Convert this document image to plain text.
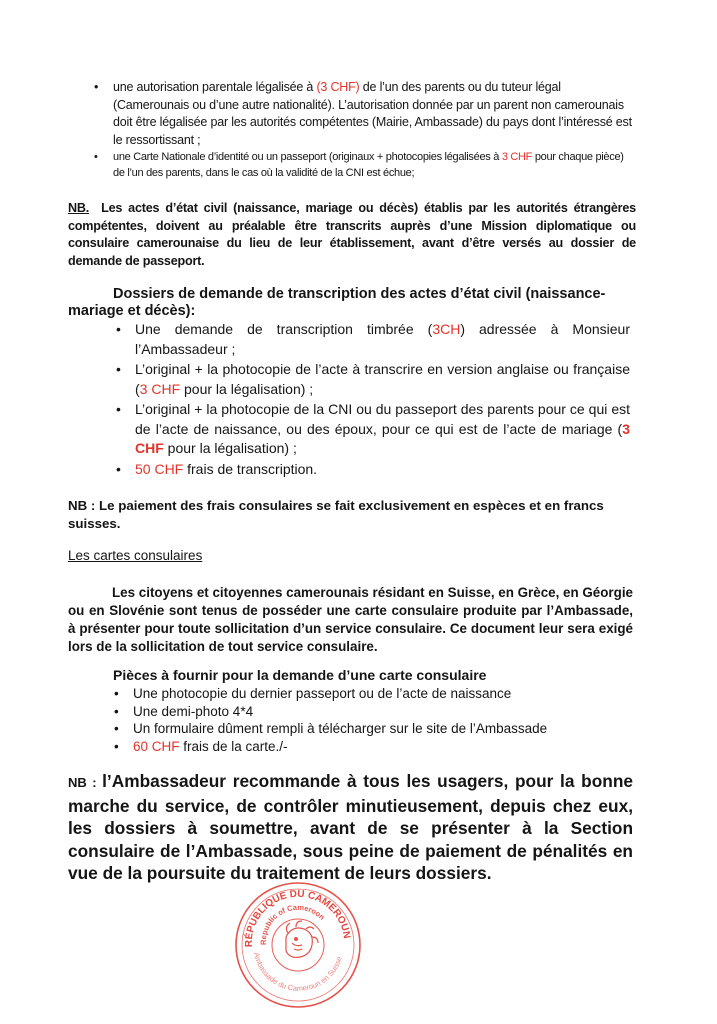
• une autorisation parentale légalisée à (3 CHF) de l’un des parents ou du tuteur légal (Camerounais ou d’une autre nationalité). L’autorisation donnée par un parent non camerounais doit être légalisée par les autorités compétentes (Mairie, Ambassade) du pays dont l’intéressé est le ressortissant ;
• une Carte Nationale d’identité ou un passeport (originaux + photocopies légalisées à 3 CHF pour chaque pièce) de l’un des parents, dans le cas où la validité de la CNI est échue;
NB. Les actes d’état civil (naissance, mariage ou décès) établis par les autorités étrangères compétentes, doivent au préalable être transcrits auprès d’une Mission diplomatique ou consulaire camerounaise du lieu de leur établissement, avant d’être versés au dossier de demande de passeport.
Dossiers de demande de transcription des actes d’état civil (naissance-
mariage et décès):
• Une demande de transcription timbrée (3CH) adressée à Monsieur l’Ambassadeur ;
• L’original + la photocopie de l’acte à transcrire en version anglaise ou française (3 CHF pour la légalisation) ;
• L’original + la photocopie de la CNI ou du passeport des parents pour ce qui est de l’acte de naissance, ou des époux, pour ce qui est de l’acte de mariage (3 CHF pour la légalisation) ;
• 50 CHF frais de transcription.
NB : Le paiement des frais consulaires se fait exclusivement en espèces et en francs suisses.
Les cartes consulaires
Les citoyens et citoyennes camerounais résidant en Suisse, en Grèce, en Géorgie ou en Slovénie sont tenus de posséder une carte consulaire produite par l’Ambassade, à présenter pour toute sollicitation d’un service consulaire. Ce document leur sera exigé lors de la sollicitation de tout service consulaire.
Pièces à fournir pour la demande d’une carte consulaire
• Une photocopie du dernier passeport ou de l’acte de naissance
• Une demi-photo 4*4
• Un formulaire dûment rempli à télécharger sur le site de l’Ambassade
• 60 CHF frais de la carte./-
NB : l’Ambassadeur recommande à tous les usagers, pour la bonne marche du service, de contrôler minutieusement, depuis chez eux, les dossiers à soumettre, avant de se présenter à la Section consulaire de l’Ambassade, sous peine de paiement de pénalités en vue de la poursuite du traitement de leurs dossiers.
RÉPUBLIQUE DU CAMEROUN
Republic of Cameroon
Ambassade du Cameroun en Suisse
